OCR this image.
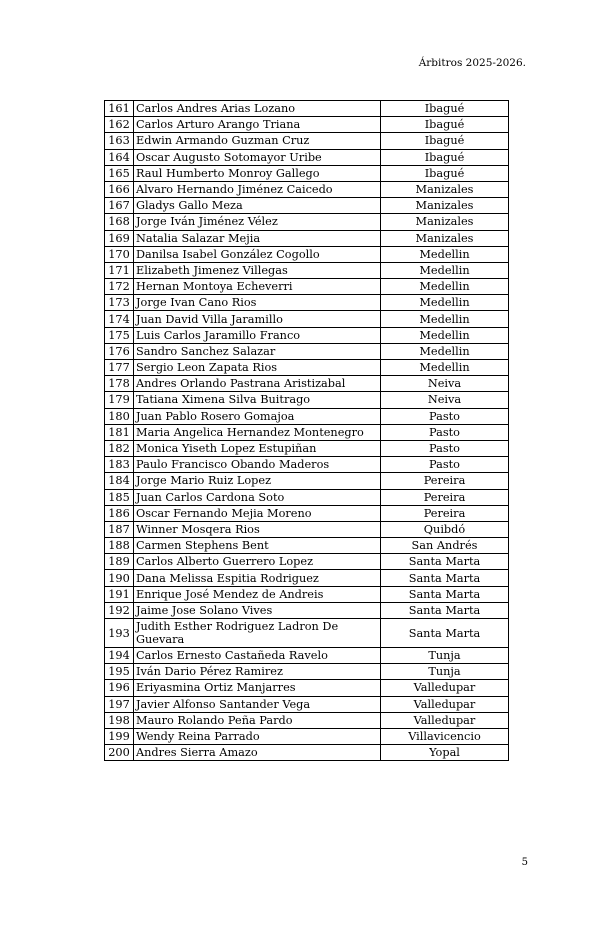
Árbitros 2025-2026.
161	Carlos Andres Arias Lozano	Ibagué
162	Carlos Arturo Arango Triana	Ibagué
163	Edwin Armando Guzman Cruz	Ibagué
164	Oscar Augusto Sotomayor Uribe	Ibagué
165	Raul Humberto Monroy Gallego	Ibagué
166	Alvaro Hernando Jiménez Caicedo	Manizales
167	Gladys Gallo Meza	Manizales
168	Jorge Iván Jiménez Vélez	Manizales
169	Natalia Salazar Mejia	Manizales
170	Danilsa Isabel González Cogollo	Medellin
171	Elizabeth Jimenez Villegas	Medellin
172	Hernan Montoya Echeverri	Medellin
173	Jorge Ivan Cano Rios	Medellin
174	Juan David Villa Jaramillo	Medellin
175	Luis Carlos Jaramillo Franco	Medellin
176	Sandro Sanchez Salazar	Medellin
177	Sergio Leon Zapata Rios	Medellin
178	Andres Orlando Pastrana Aristizabal	Neiva
179	Tatiana Ximena Silva Buitrago	Neiva
180	Juan Pablo Rosero Gomajoa	Pasto
181	Maria Angelica Hernandez Montenegro	Pasto
182	Monica Yiseth Lopez Estupiñan	Pasto
183	Paulo Francisco Obando Maderos	Pasto
184	Jorge Mario Ruiz Lopez	Pereira
185	Juan Carlos Cardona Soto	Pereira
186	Oscar Fernando Mejia Moreno	Pereira
187	Winner Mosqera Rios	Quibdó
188	Carmen Stephens Bent	San Andrés
189	Carlos Alberto Guerrero Lopez	Santa Marta
190	Dana Melissa Espitia Rodriguez	Santa Marta
191	Enrique José Mendez de Andreis	Santa Marta
192	Jaime Jose Solano Vives	Santa Marta
193	Judith Esther Rodriguez Ladron De Guevara	Santa Marta
194	Carlos Ernesto Castañeda Ravelo	Tunja
195	Iván Dario Pérez Ramirez	Tunja
196	Eriyasmina Ortiz Manjarres	Valledupar
197	Javier Alfonso Santander Vega	Valledupar
198	Mauro Rolando Peña Pardo	Valledupar
199	Wendy Reina Parrado	Villavicencio
200	Andres Sierra Amazo	Yopal
5
